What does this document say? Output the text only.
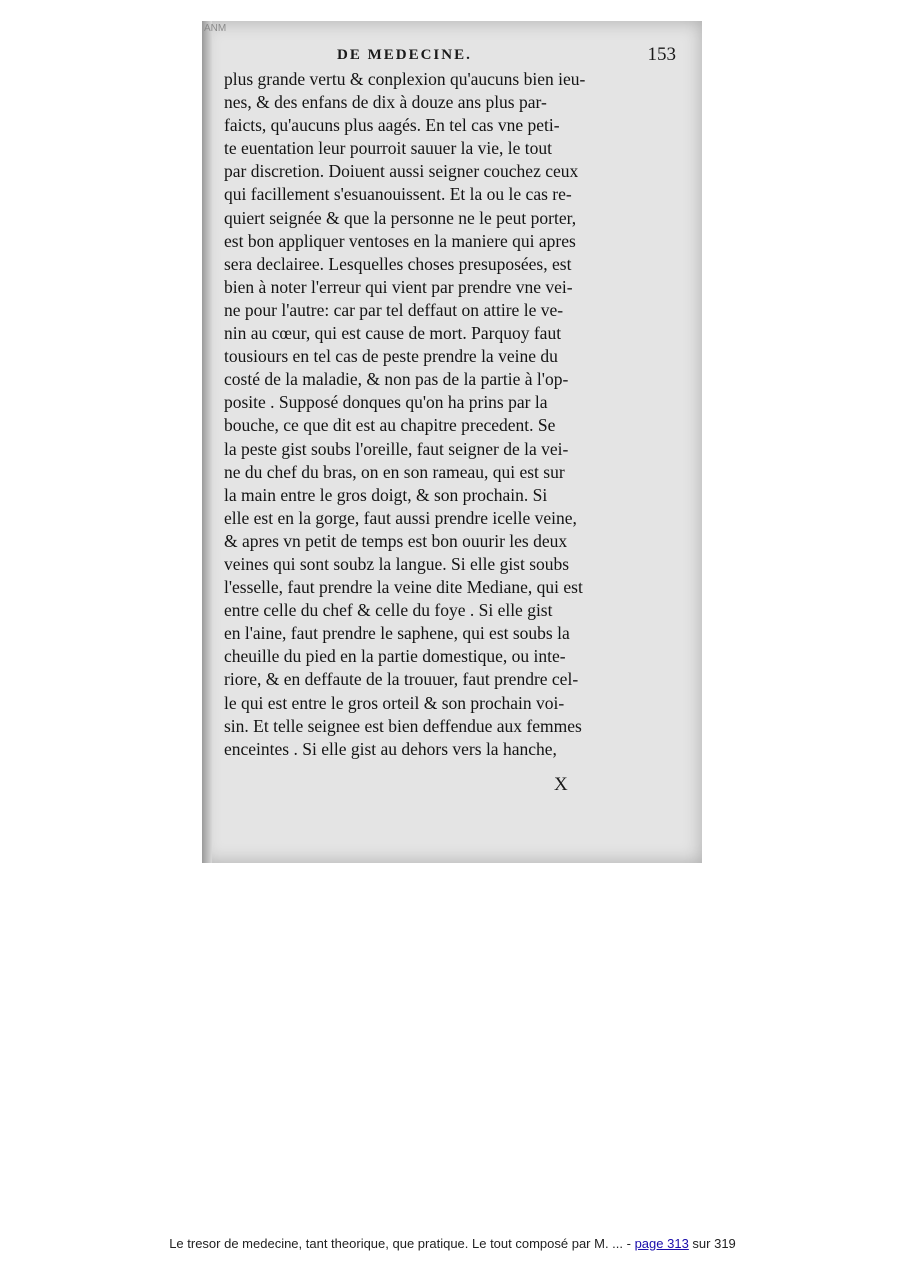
ANM
DE MEDECINE.	153
plus grande vertu & conplexion qu'aucuns bien ieu-
nes, & des enfans de dix à douze ans plus par-
faicts, qu'aucuns plus aagés. En tel cas vne peti-
te euentation leur pourroit sauuer la vie, le tout
par discretion. Doiuent aussi seigner couchez ceux
qui facillement s'esuanouissent. Et la ou le cas re-
quiert seignée & que la personne ne le peut porter,
est bon appliquer ventoses en la maniere qui apres
sera declairee. Lesquelles choses presuposées, est
bien à noter l'erreur qui vient par prendre vne vei-
ne pour l'autre: car par tel deffaut on attire le ve-
nin au cœur, qui est cause de mort. Parquoy faut
tousiours en tel cas de peste prendre la veine du
costé de la maladie, & non pas de la partie à l'op-
posite . Supposé donques qu'on ha prins par la
bouche, ce que dit est au chapitre precedent. Se
la peste gist soubs l'oreille, faut seigner de la vei-
ne du chef du bras, on en son rameau, qui est sur
la main entre le gros doigt, & son prochain. Si
elle est en la gorge, faut aussi prendre icelle veine,
& apres vn petit de temps est bon ouurir les deux
veines qui sont soubz la langue. Si elle gist soubs
l'esselle, faut prendre la veine dite Mediane, qui est
entre celle du chef & celle du foye . Si elle gist
en l'aine, faut prendre le saphene, qui est soubs la
cheuille du pied en la partie domestique, ou inte-
riore, & en deffaute de la trouuer, faut prendre cel-
le qui est entre le gros orteil & son prochain voi-
sin. Et telle seignee est bien deffendue aux femmes
enceintes . Si elle gist au dehors vers la hanche,
X
Le tresor de medecine, tant theorique, que pratique. Le tout composé par M. ... - page 313 sur 319
